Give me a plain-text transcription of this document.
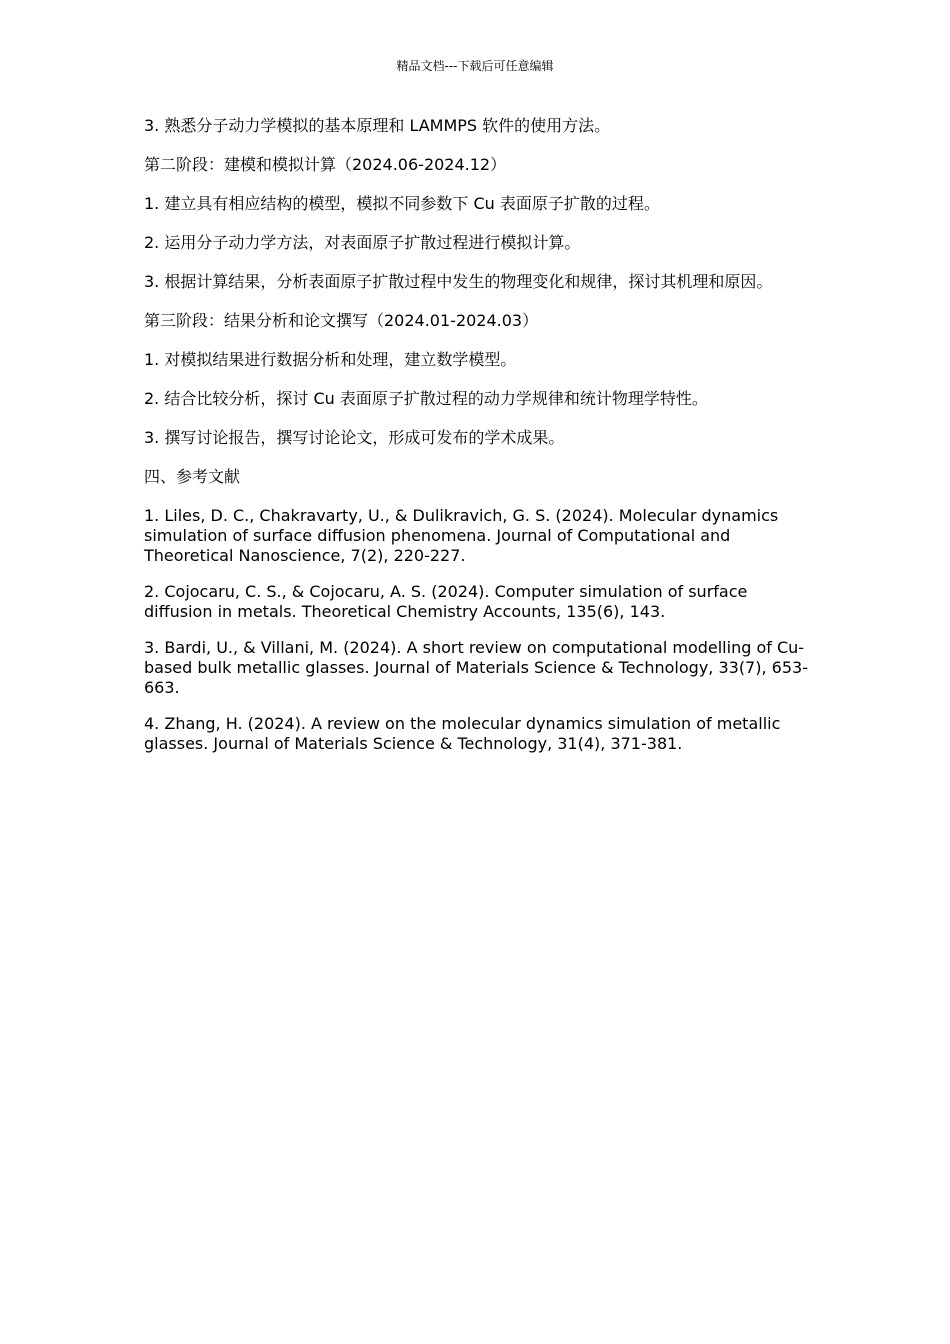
精品文档---下载后可任意编辑

3. 熟悉分子动力学模拟的基本原理和 LAMMPS 软件的使用方法。

第二阶段：建模和模拟计算（2024.06-2024.12）

1. 建立具有相应结构的模型，模拟不同参数下 Cu 表面原子扩散的过程。

2. 运用分子动力学方法，对表面原子扩散过程进行模拟计算。

3. 根据计算结果，分析表面原子扩散过程中发生的物理变化和规律，探讨其机理和原因。

第三阶段：结果分析和论文撰写（2024.01-2024.03）

1. 对模拟结果进行数据分析和处理，建立数学模型。

2. 结合比较分析，探讨 Cu 表面原子扩散过程的动力学规律和统计物理学特性。

3. 撰写讨论报告，撰写讨论论文，形成可发布的学术成果。

四、参考文献

1. Liles, D. C., Chakravarty, U., & Dulikravich, G. S. (2024). Molecular dynamics simulation of surface diffusion phenomena. Journal of Computational and Theoretical Nanoscience, 7(2), 220-227.

2. Cojocaru, C. S., & Cojocaru, A. S. (2024). Computer simulation of surface diffusion in metals. Theoretical Chemistry Accounts, 135(6), 143.

3. Bardi, U., & Villani, M. (2024). A short review on computational modelling of Cu-based bulk metallic glasses. Journal of Materials Science & Technology, 33(7), 653-663.

4. Zhang, H. (2024). A review on the molecular dynamics simulation of metallic glasses. Journal of Materials Science & Technology, 31(4), 371-381.
